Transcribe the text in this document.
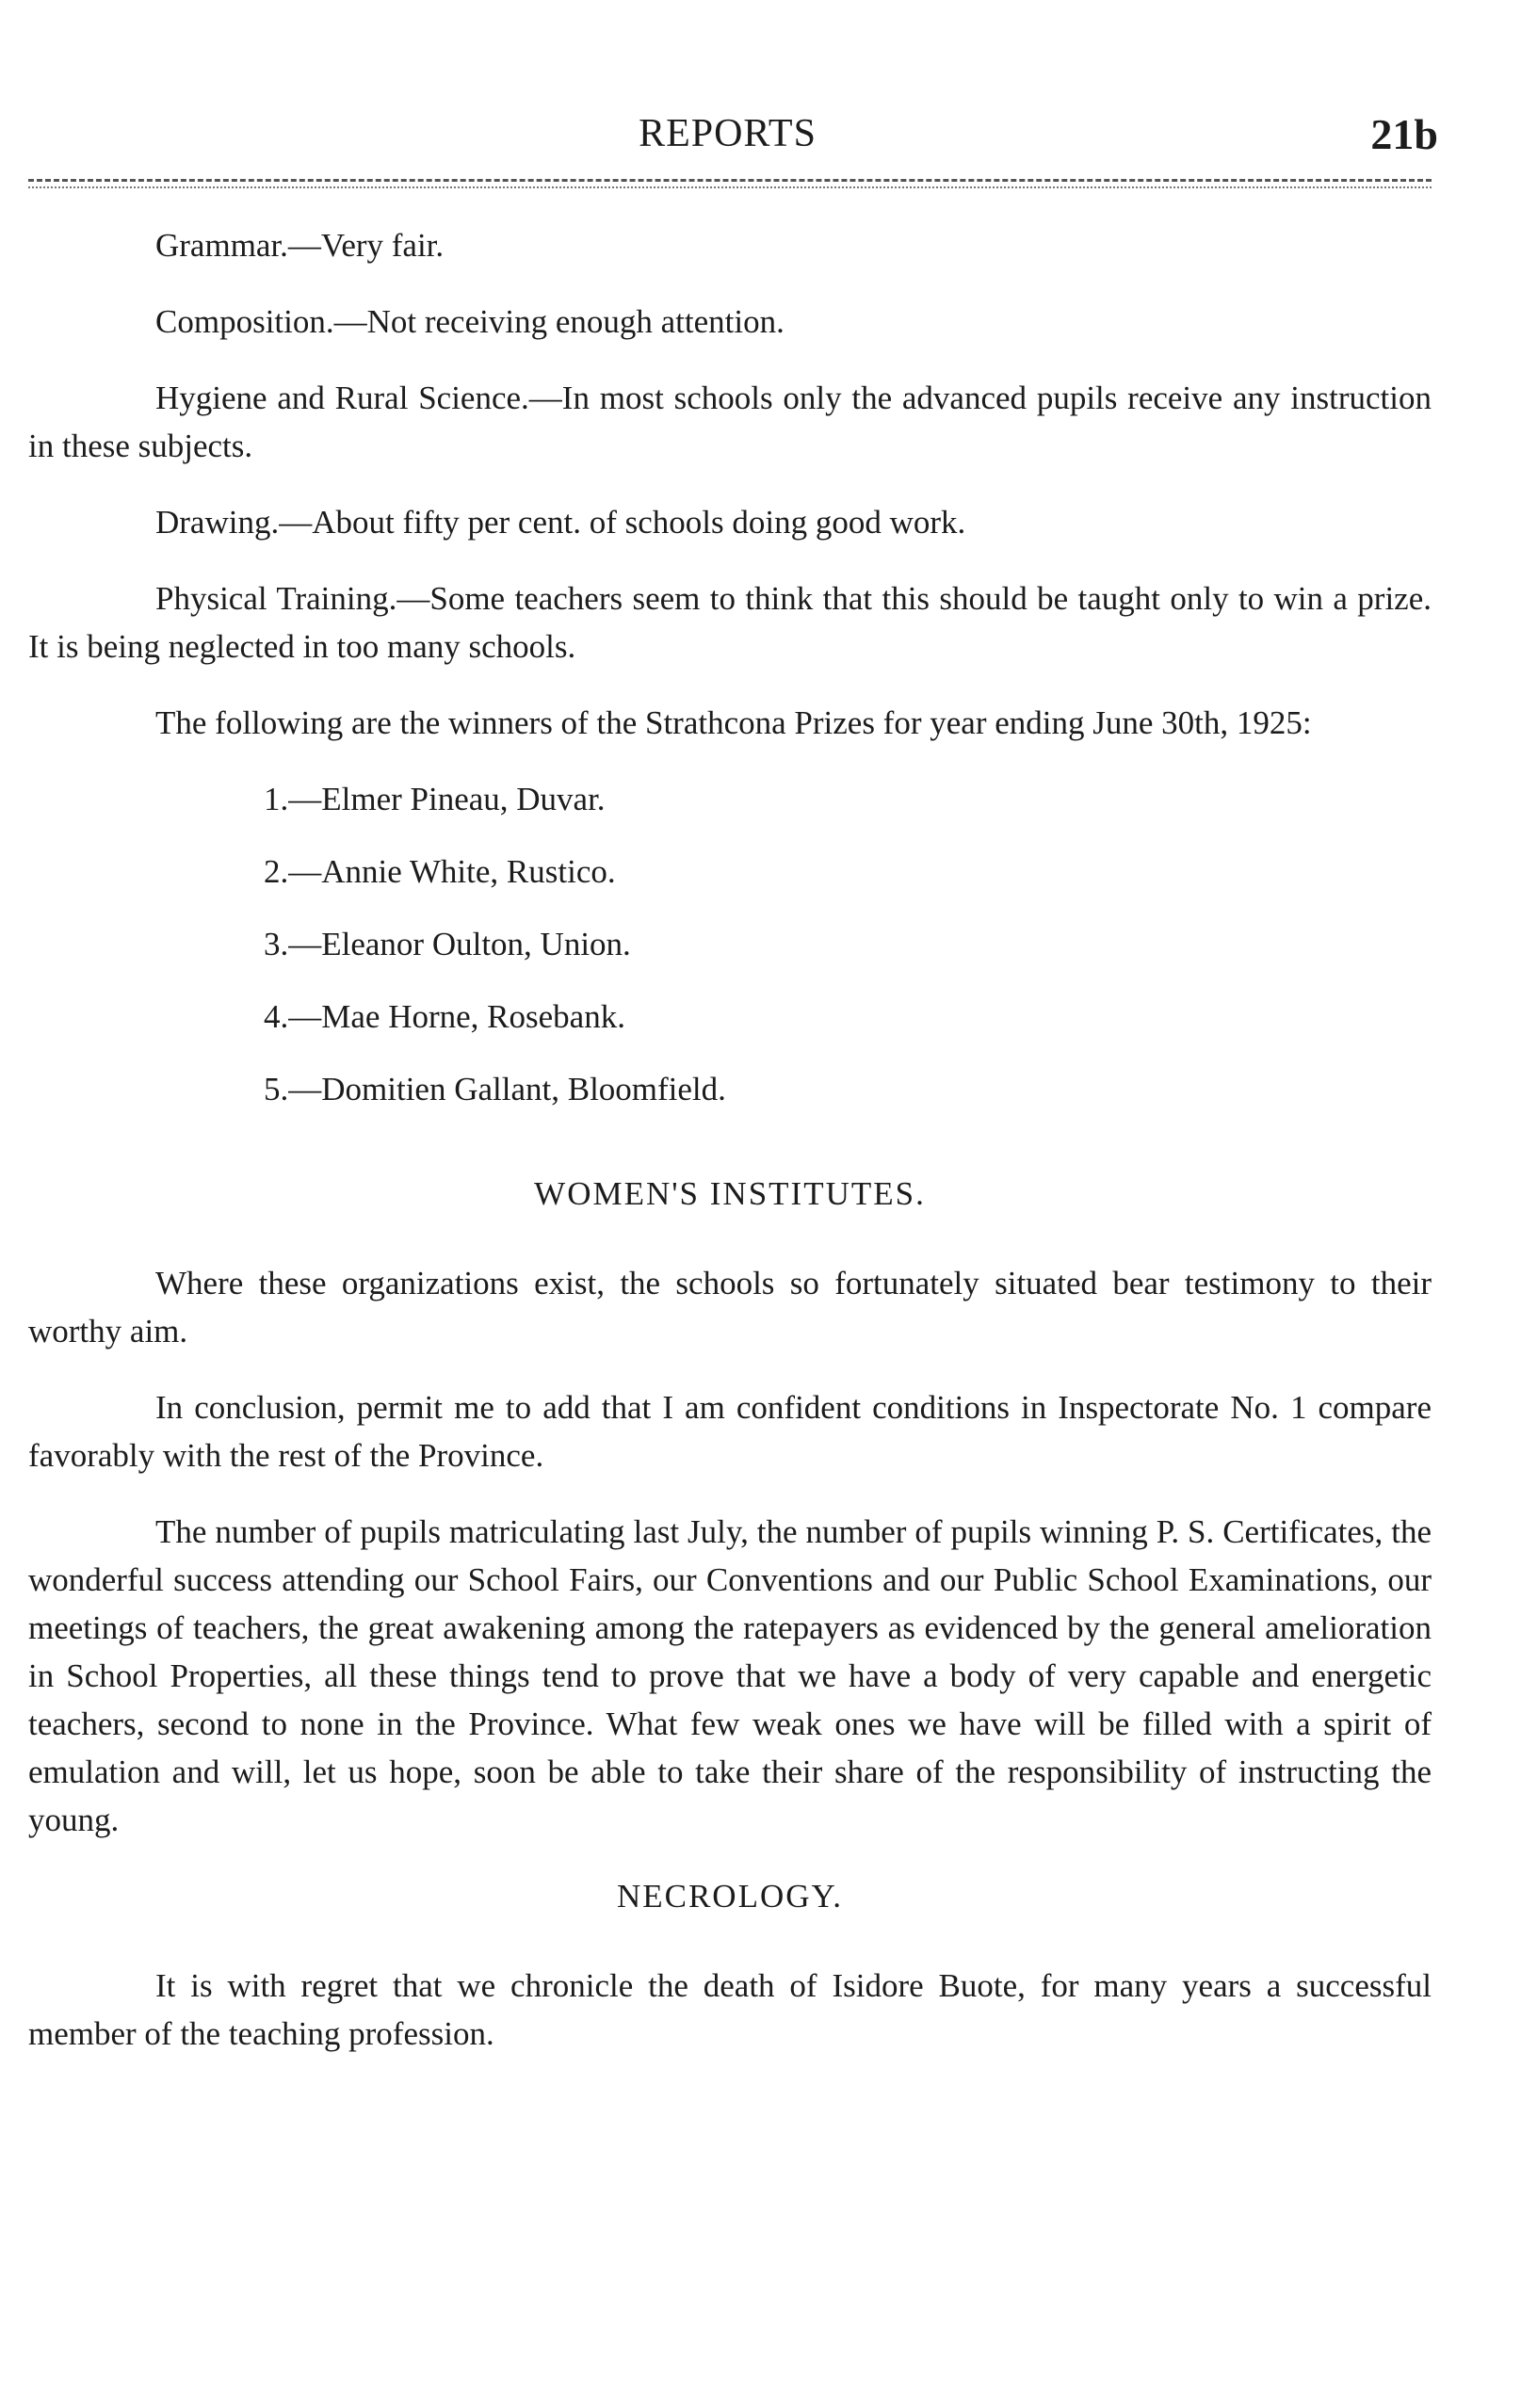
REPORTS	21b

Grammar.—Very fair.

Composition.—Not receiving enough attention.

Hygiene and Rural Science.—In most schools only the advanced pupils receive any instruction in these subjects.

Drawing.—About fifty per cent. of schools doing good work.

Physical Training.—Some teachers seem to think that this should be taught only to win a prize. It is being neglected in too many schools.

The following are the winners of the Strathcona Prizes for year ending June 30th, 1925:

1.—Elmer Pineau, Duvar.
2.—Annie White, Rustico.
3.—Eleanor Oulton, Union.
4.—Mae Horne, Rosebank.
5.—Domitien Gallant, Bloomfield.
WOMEN'S INSTITUTES.

Where these organizations exist, the schools so fortunately situated bear testimony to their worthy aim.

In conclusion, permit me to add that I am confident conditions in Inspectorate No. 1 compare favorably with the rest of the Province.

The number of pupils matriculating last July, the number of pupils winning P. S. Certificates, the wonderful success attending our School Fairs, our Conventions and our Public School Examinations, our meetings of teachers, the great awakening among the ratepayers as evidenced by the general amelioration in School Properties, all these things tend to prove that we have a body of very capable and energetic teachers, second to none in the Province. What few weak ones we have will be filled with a spirit of emulation and will, let us hope, soon be able to take their share of the responsibility of instructing the young.

NECROLOGY.

It is with regret that we chronicle the death of Isidore Buote, for many years a successful member of the teaching profession.
